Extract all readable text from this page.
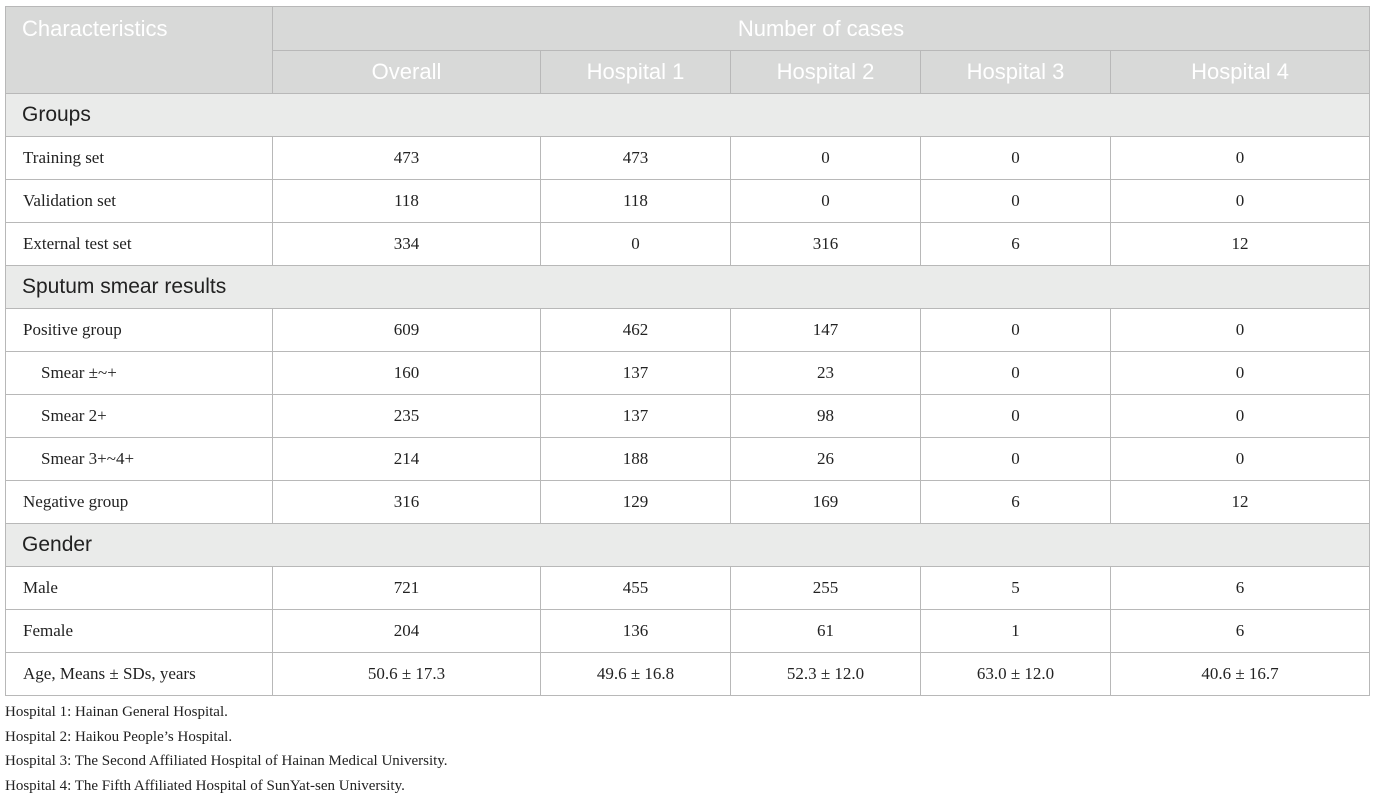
Characteristics	Number of cases				
	Overall	Hospital 1	Hospital 2	Hospital 3	Hospital 4
Groups					
Training set	473	473	0	0	0
Validation set	118	118	0	0	0
External test set	334	0	316	6	12
Sputum smear results					
Positive group	609	462	147	0	0
Smear ±~+	160	137	23	0	0
Smear 2+	235	137	98	0	0
Smear 3+~4+	214	188	26	0	0
Negative group	316	129	169	6	12
Gender					
Male	721	455	255	5	6
Female	204	136	61	1	6
Age, Means ± SDs, years	50.6 ± 17.3	49.6 ± 16.8	52.3 ± 12.0	63.0 ± 12.0	40.6 ± 16.7
Hospital 1: Hainan General Hospital.
Hospital 2: Haikou People’s Hospital.
Hospital 3: The Second Affiliated Hospital of Hainan Medical University.
Hospital 4: The Fifth Affiliated Hospital of SunYat-sen University.
